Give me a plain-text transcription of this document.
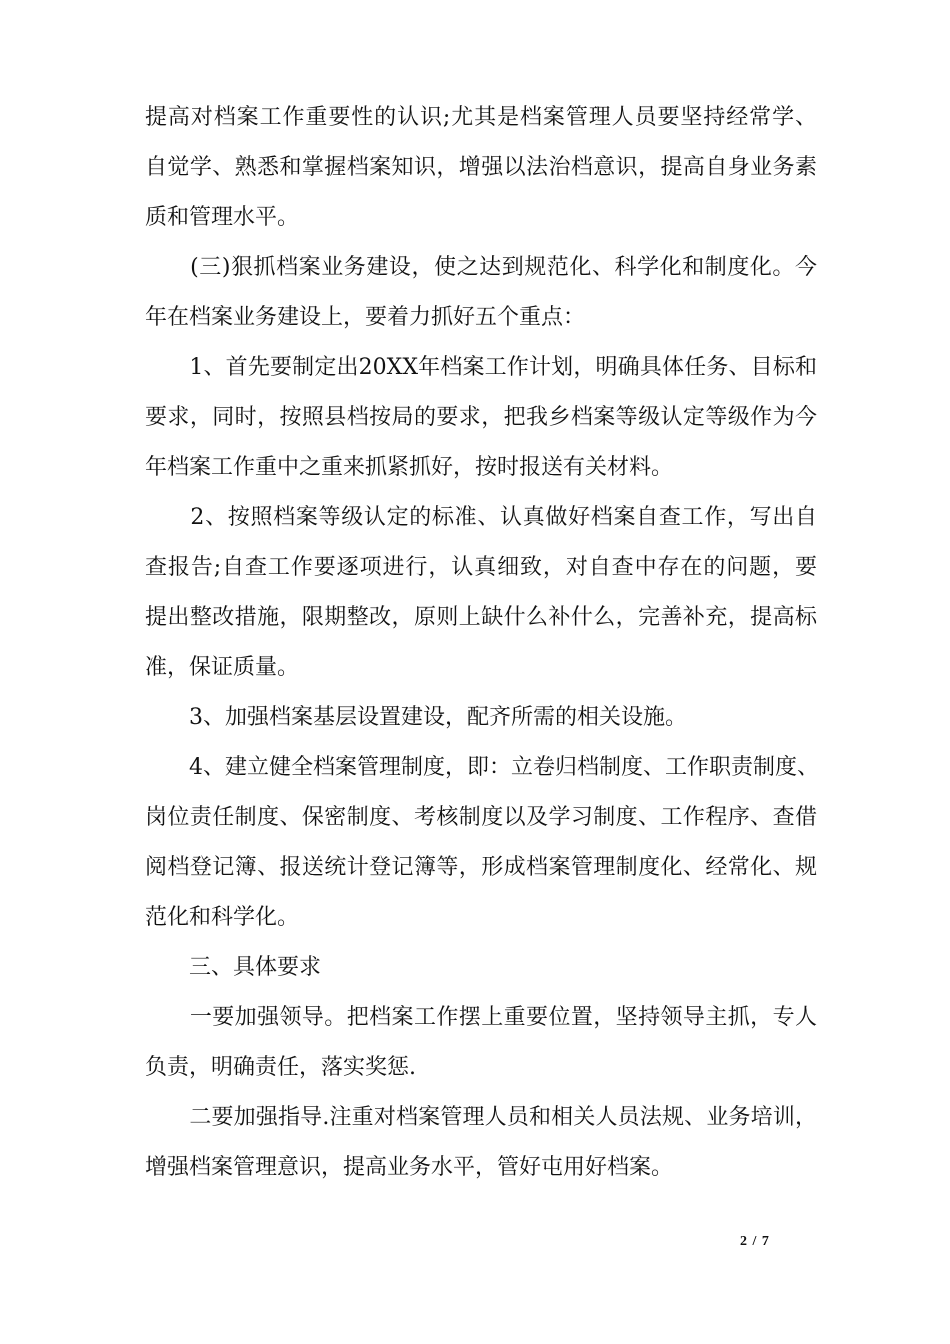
提高对档案工作重要性的认识;尤其是档案管理人员要坚持经常学、
自觉学、熟悉和掌握档案知识，增强以法治档意识，提高自身业务素
质和管理水平。
　　(三)狠抓档案业务建设，使之达到规范化、科学化和制度化。今
年在档案业务建设上，要着力抓好五个重点：
　　1、首先要制定出20XX年档案工作计划，明确具体任务、目标和
要求，同时，按照县档按局的要求，把我乡档案等级认定等级作为今
年档案工作重中之重来抓紧抓好，按时报送有关材料。
　　2、按照档案等级认定的标准、认真做好档案自查工作，写出自
查报告;自查工作要逐项进行，认真细致，对自查中存在的问题，要
提出整改措施，限期整改，原则上缺什么补什么，完善补充，提高标
准，保证质量。
　　3、加强档案基层设置建设，配齐所需的相关设施。
　　4、建立健全档案管理制度，即：立卷归档制度、工作职责制度、
岗位责任制度、保密制度、考核制度以及学习制度、工作程序、查借
阅档登记簿、报送统计登记簿等，形成档案管理制度化、经常化、规
范化和科学化。
　　三、具体要求
　　一要加强领导。把档案工作摆上重要位置，坚持领导主抓，专人
负责，明确责任，落实奖惩.
　　二要加强指导.注重对档案管理人员和相关人员法规、业务培训，
增强档案管理意识，提高业务水平，管好屯用好档案。
2 / 7
